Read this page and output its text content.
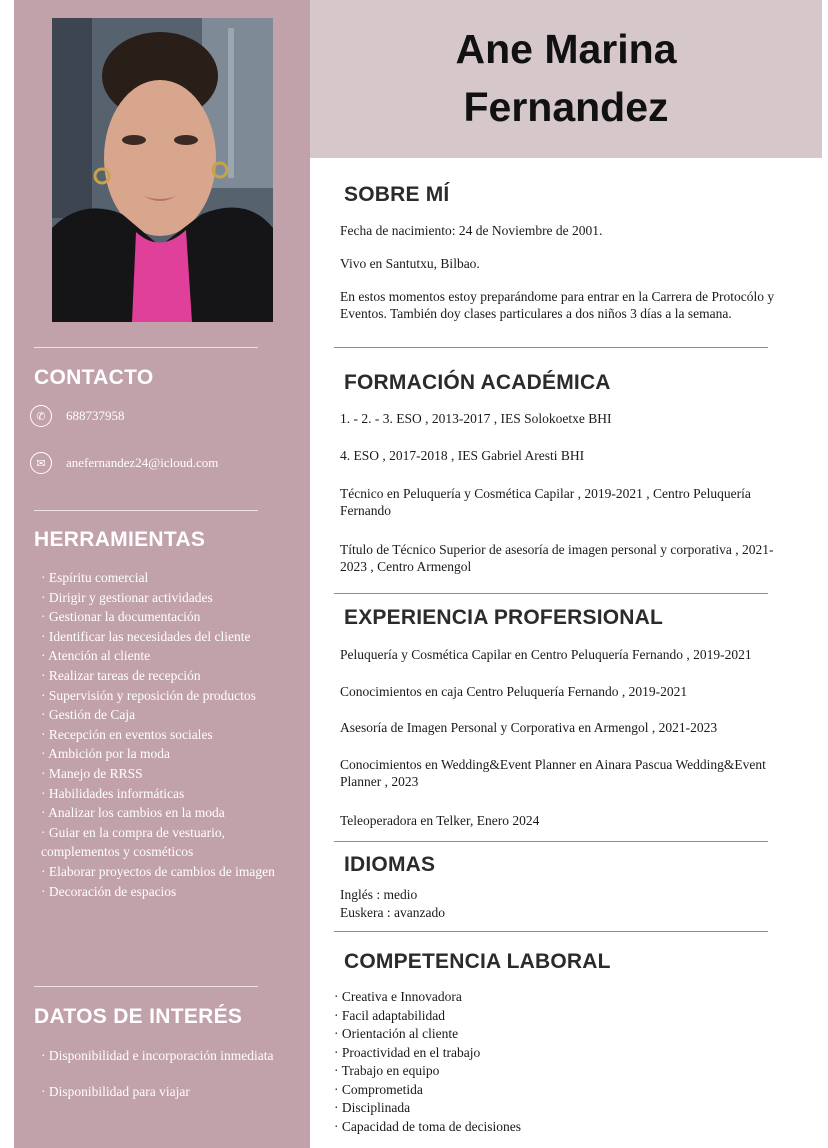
CONTACTO
✆	688737958
✉	anefernandez24@icloud.com
HERRAMIENTAS
· Espíritu comercial
· Dirigir y gestionar actividades
· Gestionar la documentación
· Identificar las necesidades del cliente
· Atención al cliente
· Realizar tareas de recepción
· Supervisión y reposición de productos
· Gestión de Caja
· Recepción en eventos sociales
· Ambición por la moda
· Manejo de RRSS
· Habilidades informáticas
· Analizar los cambios en la moda
· Guiar en la compra de vestuario, complementos y cosméticos
· Elaborar proyectos de cambios de imagen
· Decoración de espacios
DATOS DE INTERÉS
· Disponibilidad e incorporación inmediata
· Disponibilidad para viajar
Ane Marina
Fernandez
SOBRE MÍ

Fecha de nacimiento: 24 de Noviembre de 2001.

Vivo en Santutxu, Bilbao.

En estos momentos estoy preparándome para entrar en la Carrera de Protocólo y Eventos. También doy clases particulares a dos niños 3 días a la semana.

FORMACIÓN ACADÉMICA

1. - 2. - 3. ESO , 2013-2017 , IES Solokoetxe BHI

4. ESO , 2017-2018 , IES Gabriel Aresti BHI

Técnico en Peluquería y Cosmética Capilar , 2019-2021 , Centro Peluquería Fernando

Título de Técnico Superior de asesoría de imagen personal y corporativa , 2021-2023 , Centro Armengol

EXPERIENCIA PROFERSIONAL

Peluquería y Cosmética Capilar en Centro Peluquería Fernando , 2019-2021

Conocimientos en caja Centro Peluquería Fernando , 2019-2021

Asesoría de Imagen Personal y Corporativa en Armengol , 2021-2023

Conocimientos en Wedding&Event Planner en Ainara Pascua Wedding&Event Planner , 2023

Teleoperadora en Telker, Enero 2024

IDIOMAS

Inglés : medio

Euskera : avanzado

COMPETENCIA LABORAL

· Creativa e Innovadora

· Facil adaptabilidad

· Orientación al cliente

· Proactividad en el trabajo

· Trabajo en equipo

· Comprometida

· Disciplinada

· Capacidad de toma de decisiones
